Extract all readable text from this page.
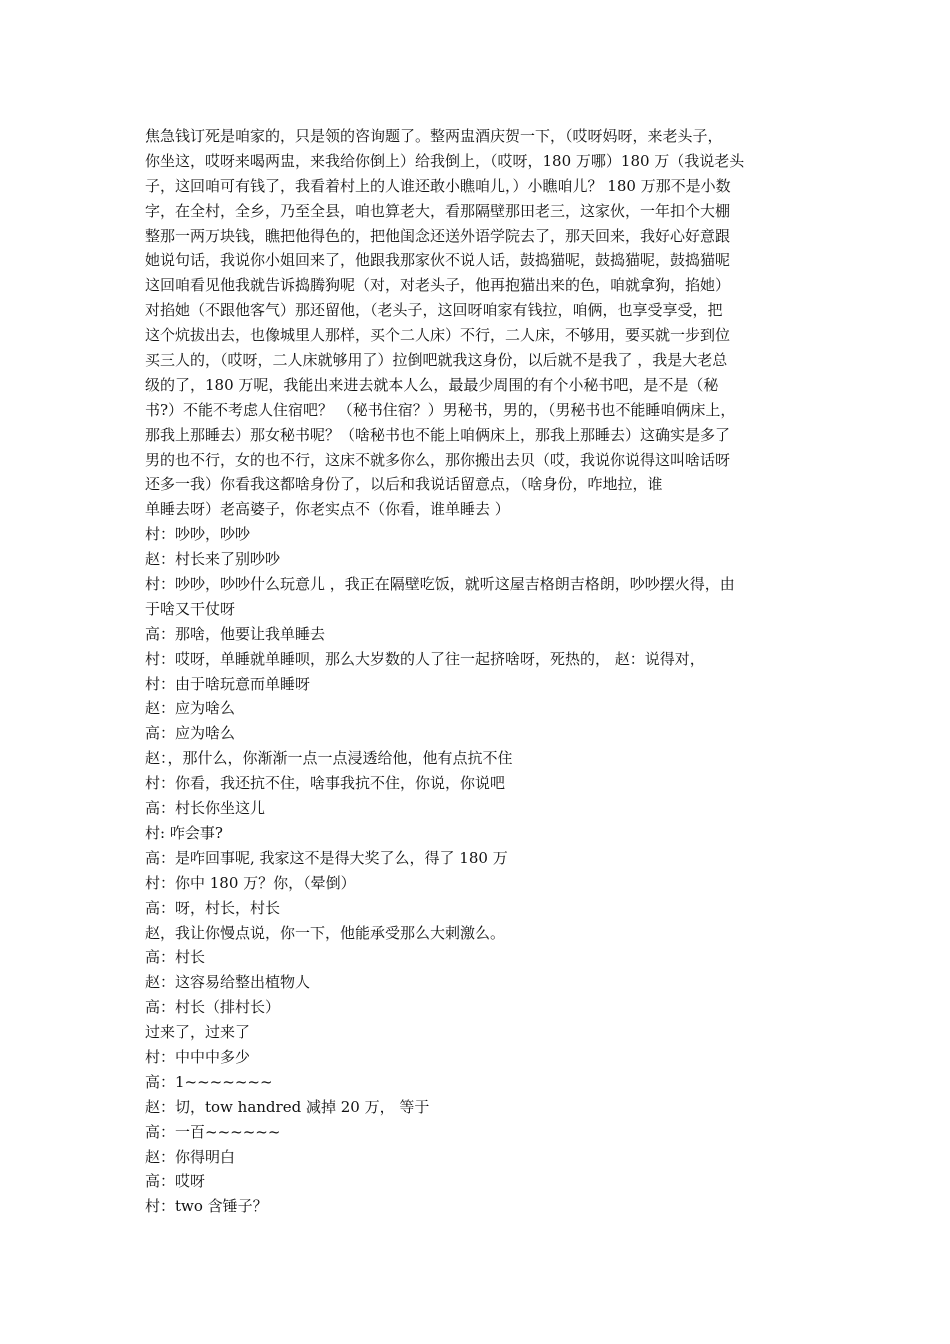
焦急钱订死是咱家的，只是领的咨询题了。整两盅酒庆贺一下，（哎呀妈呀，来老头子，
你坐这，哎呀来喝两盅，来我给你倒上）给我倒上，（哎呀，180 万哪）180 万（我说老头
子，这回咱可有钱了，我看着村上的人谁还敢小瞧咱儿，）小瞧咱儿？ 180 万那不是小数
字，在全村，全乡，乃至全县，咱也算老大，看那隔壁那田老三，这家伙，一年扣个大棚
整那一两万块钱，瞧把他得色的，把他闺念还送外语学院去了，那天回来，我好心好意跟
她说句话，我说你小姐回来了，他跟我那家伙不说人话，鼓捣猫呢，鼓捣猫呢，鼓捣猫呢
这回咱看见他我就告诉捣腾狗呢（对，对老头子，他再抱猫出来的色，咱就拿狗，掐她）
对掐她（不跟他客气）那还留他，（老头子，这回呀咱家有钱拉，咱俩，也享受享受，把
这个炕拔出去，也像城里人那样，买个二人床）不行，二人床，不够用，要买就一步到位
买三人的，（哎呀，二人床就够用了）拉倒吧就我这身份，以后就不是我了 ，我是大老总
级的了，180 万呢，我能出来进去就本人么，最最少周围的有个小秘书吧，是不是（秘
书?）不能不考虑人住宿吧？ （秘书住宿？）男秘书，男的，（男秘书也不能睡咱俩床上，
那我上那睡去）那女秘书呢？（啥秘书也不能上咱俩床上，那我上那睡去）这确实是多了
男的也不行，女的也不行，这床不就多你么，那你搬出去贝（哎，我说你说得这叫啥话呀
还多一我）你看我这都啥身份了，以后和我说话留意点，（啥身份，咋地拉，谁
单睡去呀）老高婆子，你老实点不（你看，谁单睡去 ）
村：吵吵，吵吵
赵：村长来了别吵吵
村：吵吵，吵吵什么玩意儿 ，我正在隔壁吃饭，就听这屋吉格朗吉格朗，吵吵摆火得，由
于啥又干仗呀
高：那啥，他要让我单睡去
村：哎呀，单睡就单睡呗，那么大岁数的人了往一起挤啥呀，死热的， 赵：说得对，
村：由于啥玩意而单睡呀
赵：应为啥么
高：应为啥么
赵：，那什么，你渐渐一点一点浸透给他，他有点抗不住
村：你看，我还抗不住，啥事我抗不住，你说，你说吧
高：村长你坐这儿
村: 咋会事?
高：是咋回事呢, 我家这不是得大奖了么，得了 180 万
村：你中 180 万？你，（晕倒）
高：呀，村长，村长
赵，我让你慢点说，你一下，他能承受那么大刺激么。
高：村长
赵：这容易给整出植物人
高：村长（排村长）
过来了，过来了
村：中中中多少
高：1~~~~~~~
赵：切，tow handred 减掉 20 万， 等于
高：一百~~~~~~
赵：你得明白
高：哎呀
村：two 含锤子？
